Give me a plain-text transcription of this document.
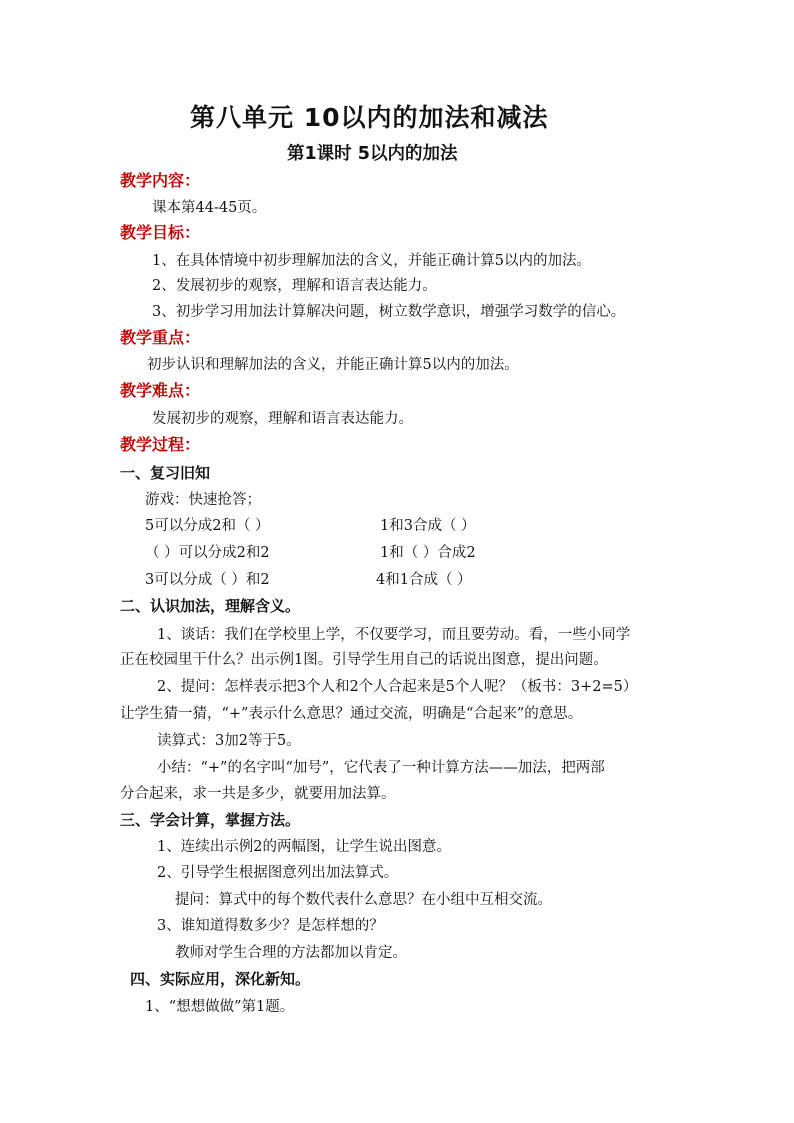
第八单元 10以内的加法和减法
第1课时 5以内的加法
教学内容：
课本第44-45页。
教学目标：
1、在具体情境中初步理解加法的含义，并能正确计算5以内的加法。
2、发展初步的观察，理解和语言表达能力。
3、初步学习用加法计算解决问题，树立数学意识，增强学习数学的信心。
教学重点：
初步认识和理解加法的含义，并能正确计算5以内的加法。
教学难点：
发展初步的观察，理解和语言表达能力。
教学过程：
一、复习旧知
游戏：快速抢答；
5可以分成2和（ ）	1和3合成（ ）
（ ）可以分成2和2	1和（ ）合成2
3可以分成（ ）和2	4和1合成（ ）
二、认识加法，理解含义。
1、谈话：我们在学校里上学，不仅要学习，而且要劳动。看，一些小同学
正在校园里干什么？出示例1图。引导学生用自己的话说出图意，提出问题。
2、提问：怎样表示把3个人和2个人合起来是5个人呢？（板书：3+2=5）
让学生猜一猜，“+”表示什么意思？通过交流，明确是“合起来”的意思。
读算式：3加2等于5。
小结：“+”的名字叫“加号”，它代表了一种计算方法——加法，把两部
分合起来，求一共是多少，就要用加法算。
三、学会计算，掌握方法。
1、连续出示例2的两幅图，让学生说出图意。
2、引导学生根据图意列出加法算式。
提问：算式中的每个数代表什么意思？在小组中互相交流。
3、谁知道得数多少？是怎样想的？
教师对学生合理的方法都加以肯定。
四、实际应用，深化新知。
1、“想想做做”第1题。
